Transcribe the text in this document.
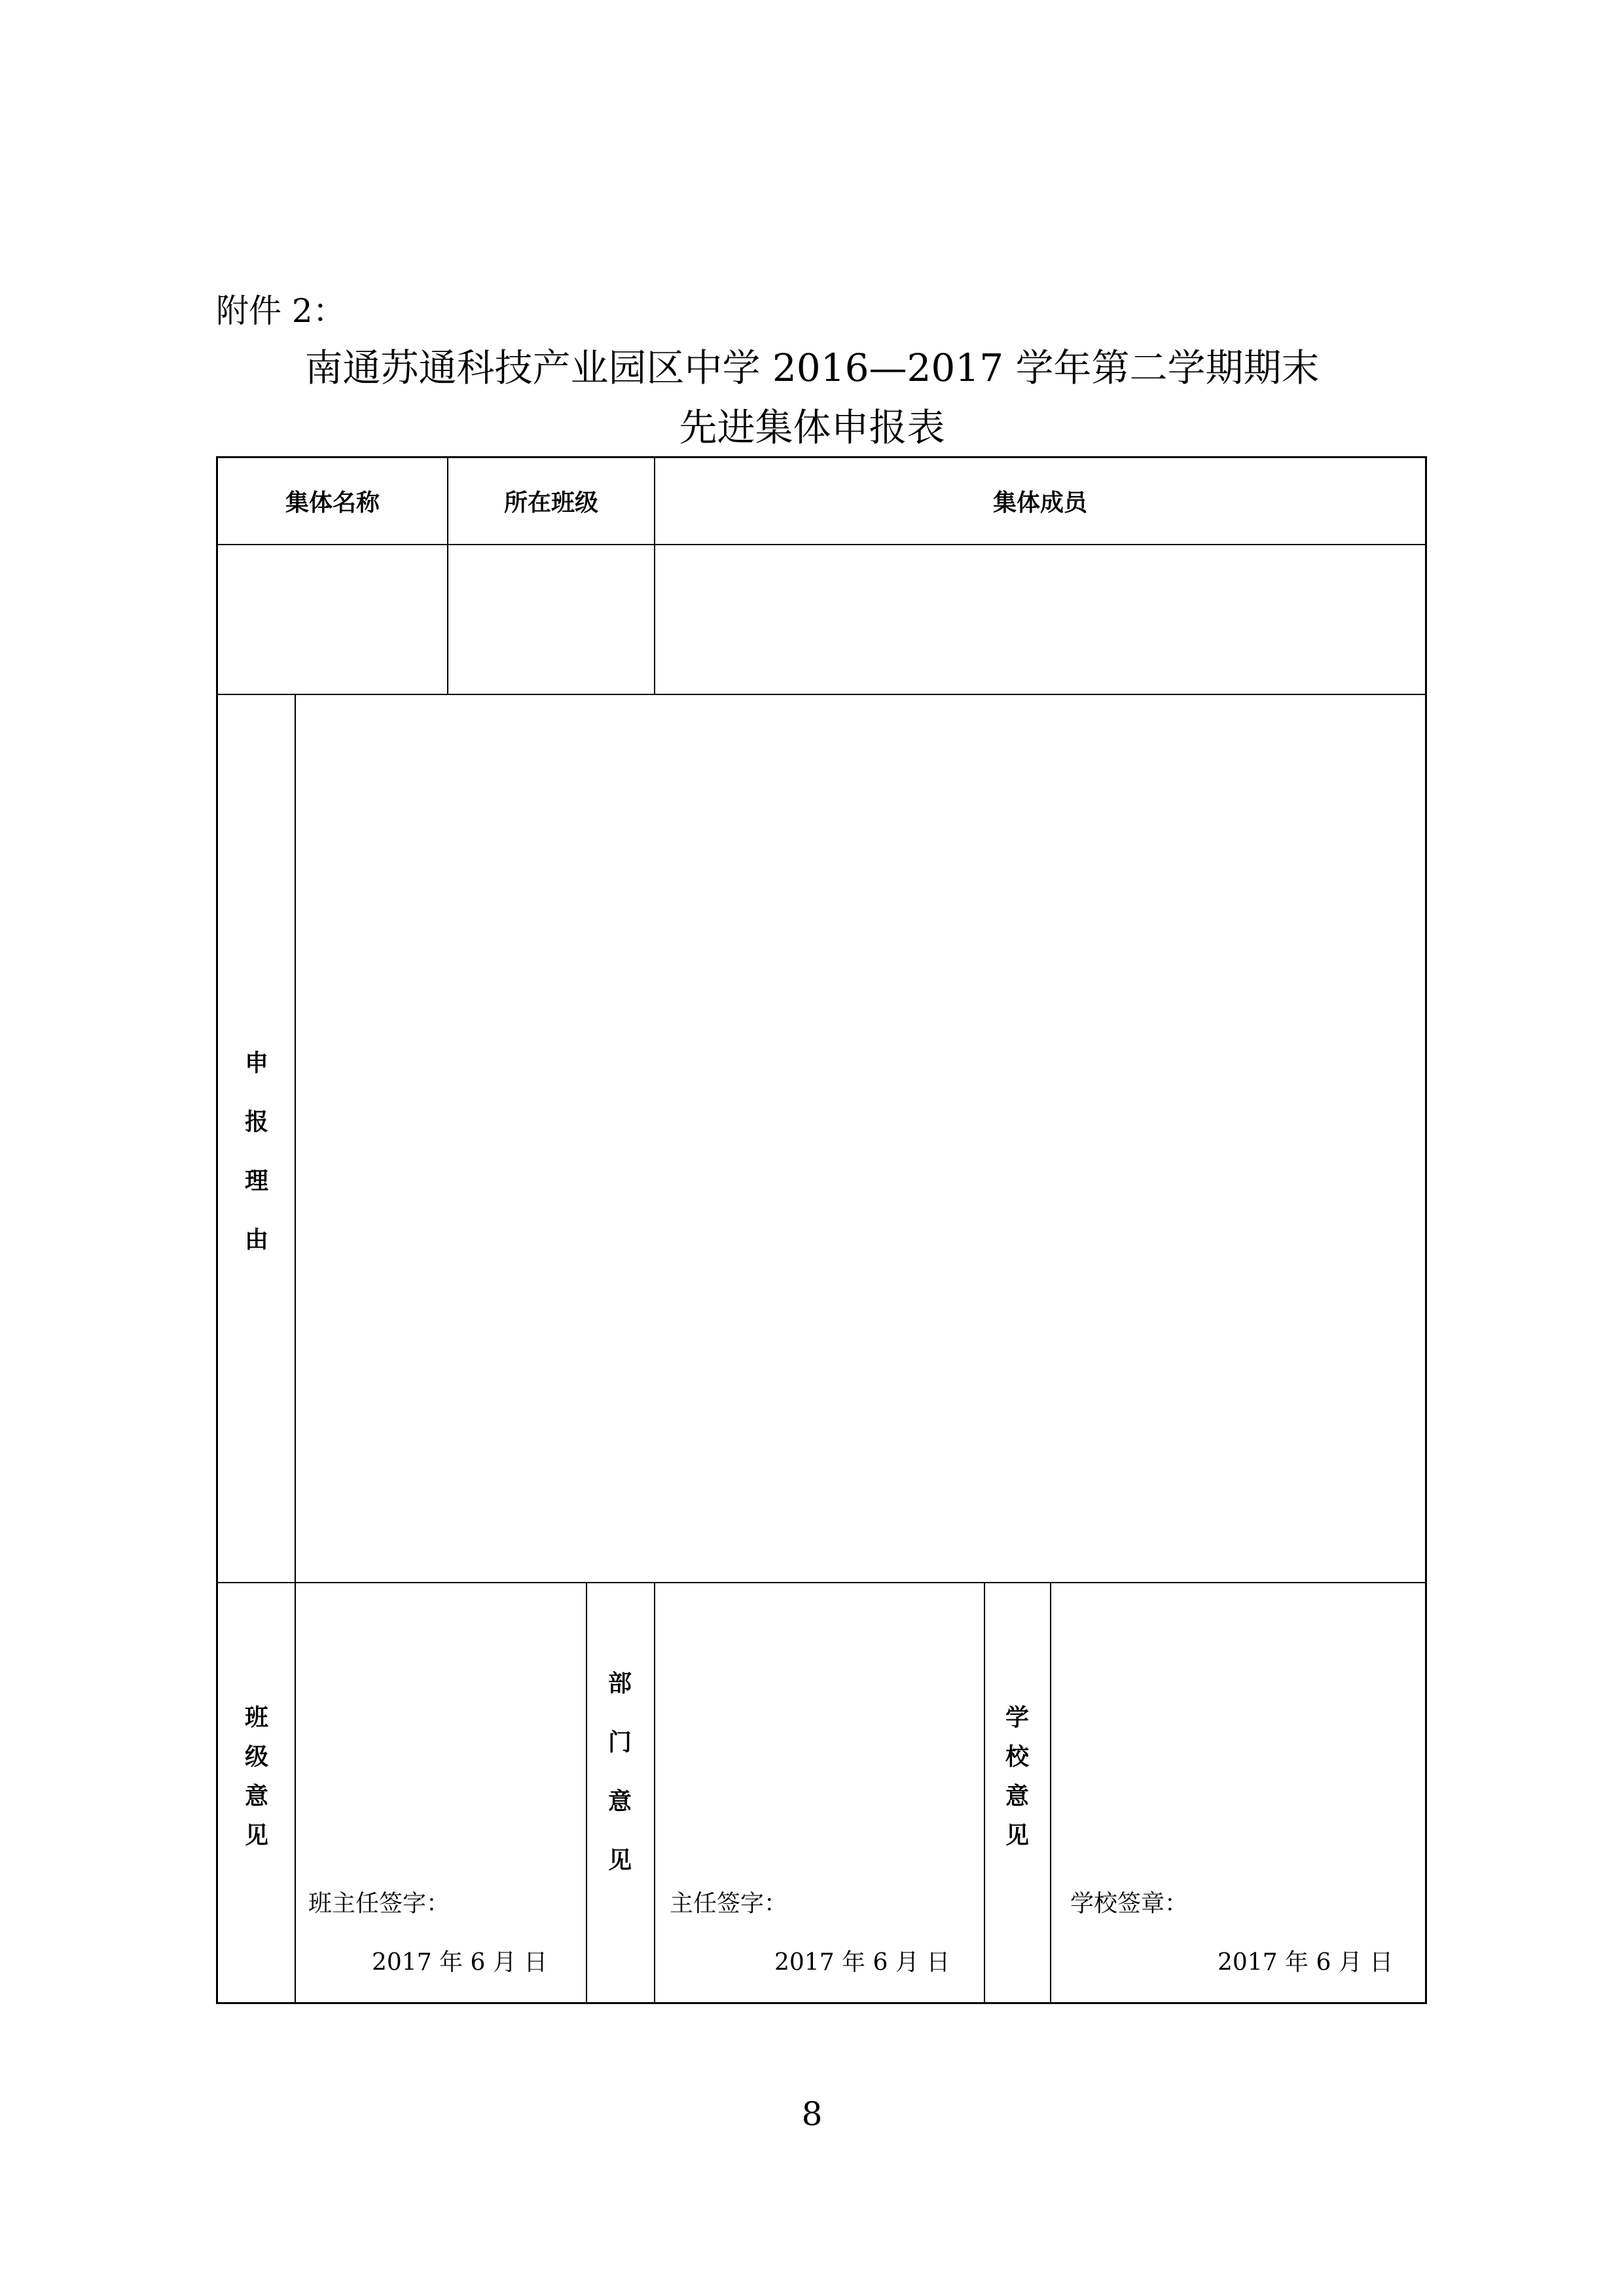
附件 2：
南通苏通科技产业园区中学 2016—2017 学年第二学期期末
先进集体申报表
集体名称	所在班级	集体成员
申报理由
班级意见
班主任签字：
2017 年 6 月 日
部门意见
主任签字：
2017 年 6 月 日
学校意见
学校签章：
2017 年 6 月 日
8
